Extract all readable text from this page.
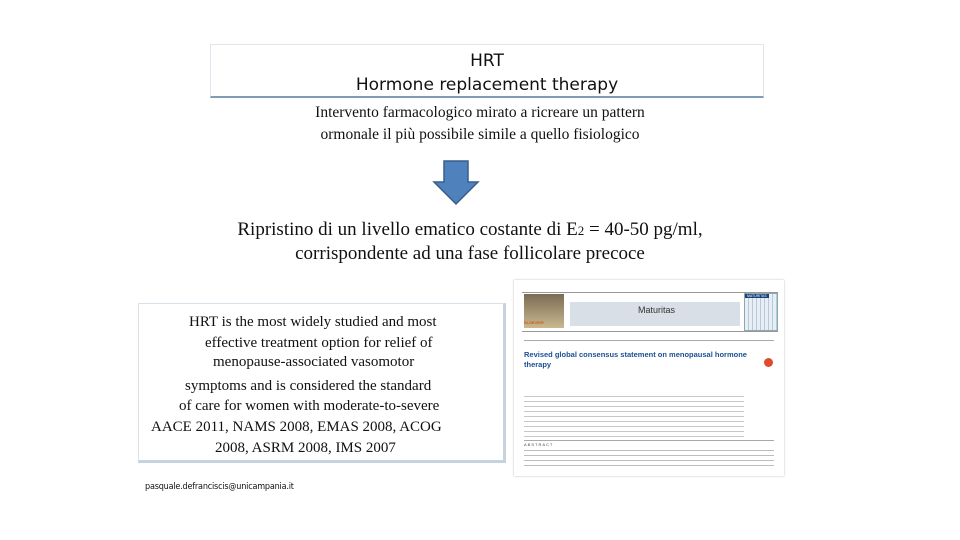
HRT
Hormone replacement therapy
Intervento farmacologico mirato a ricreare un pattern
ormonale il più possibile simile a quello fisiologico
Ripristino di un livello ematico costante di E2 = 40-50 pg/ml,
corrispondente ad una fase follicolare precoce
HRT is the most widely studied and most
effective treatment option for relief of
menopause-associated vasomotor
symptoms and is considered the standard
of care for women with moderate-to-severe
AACE 2011, NAMS 2008, EMAS 2008, ACOG
2008, ASRM 2008, IMS 2007
pasquale.defranciscis@unicampania.it
ELSEVIER
Maturitas
MATURITAS
Revised global consensus statement on menopausal hormone therapy
ABSTRACT
